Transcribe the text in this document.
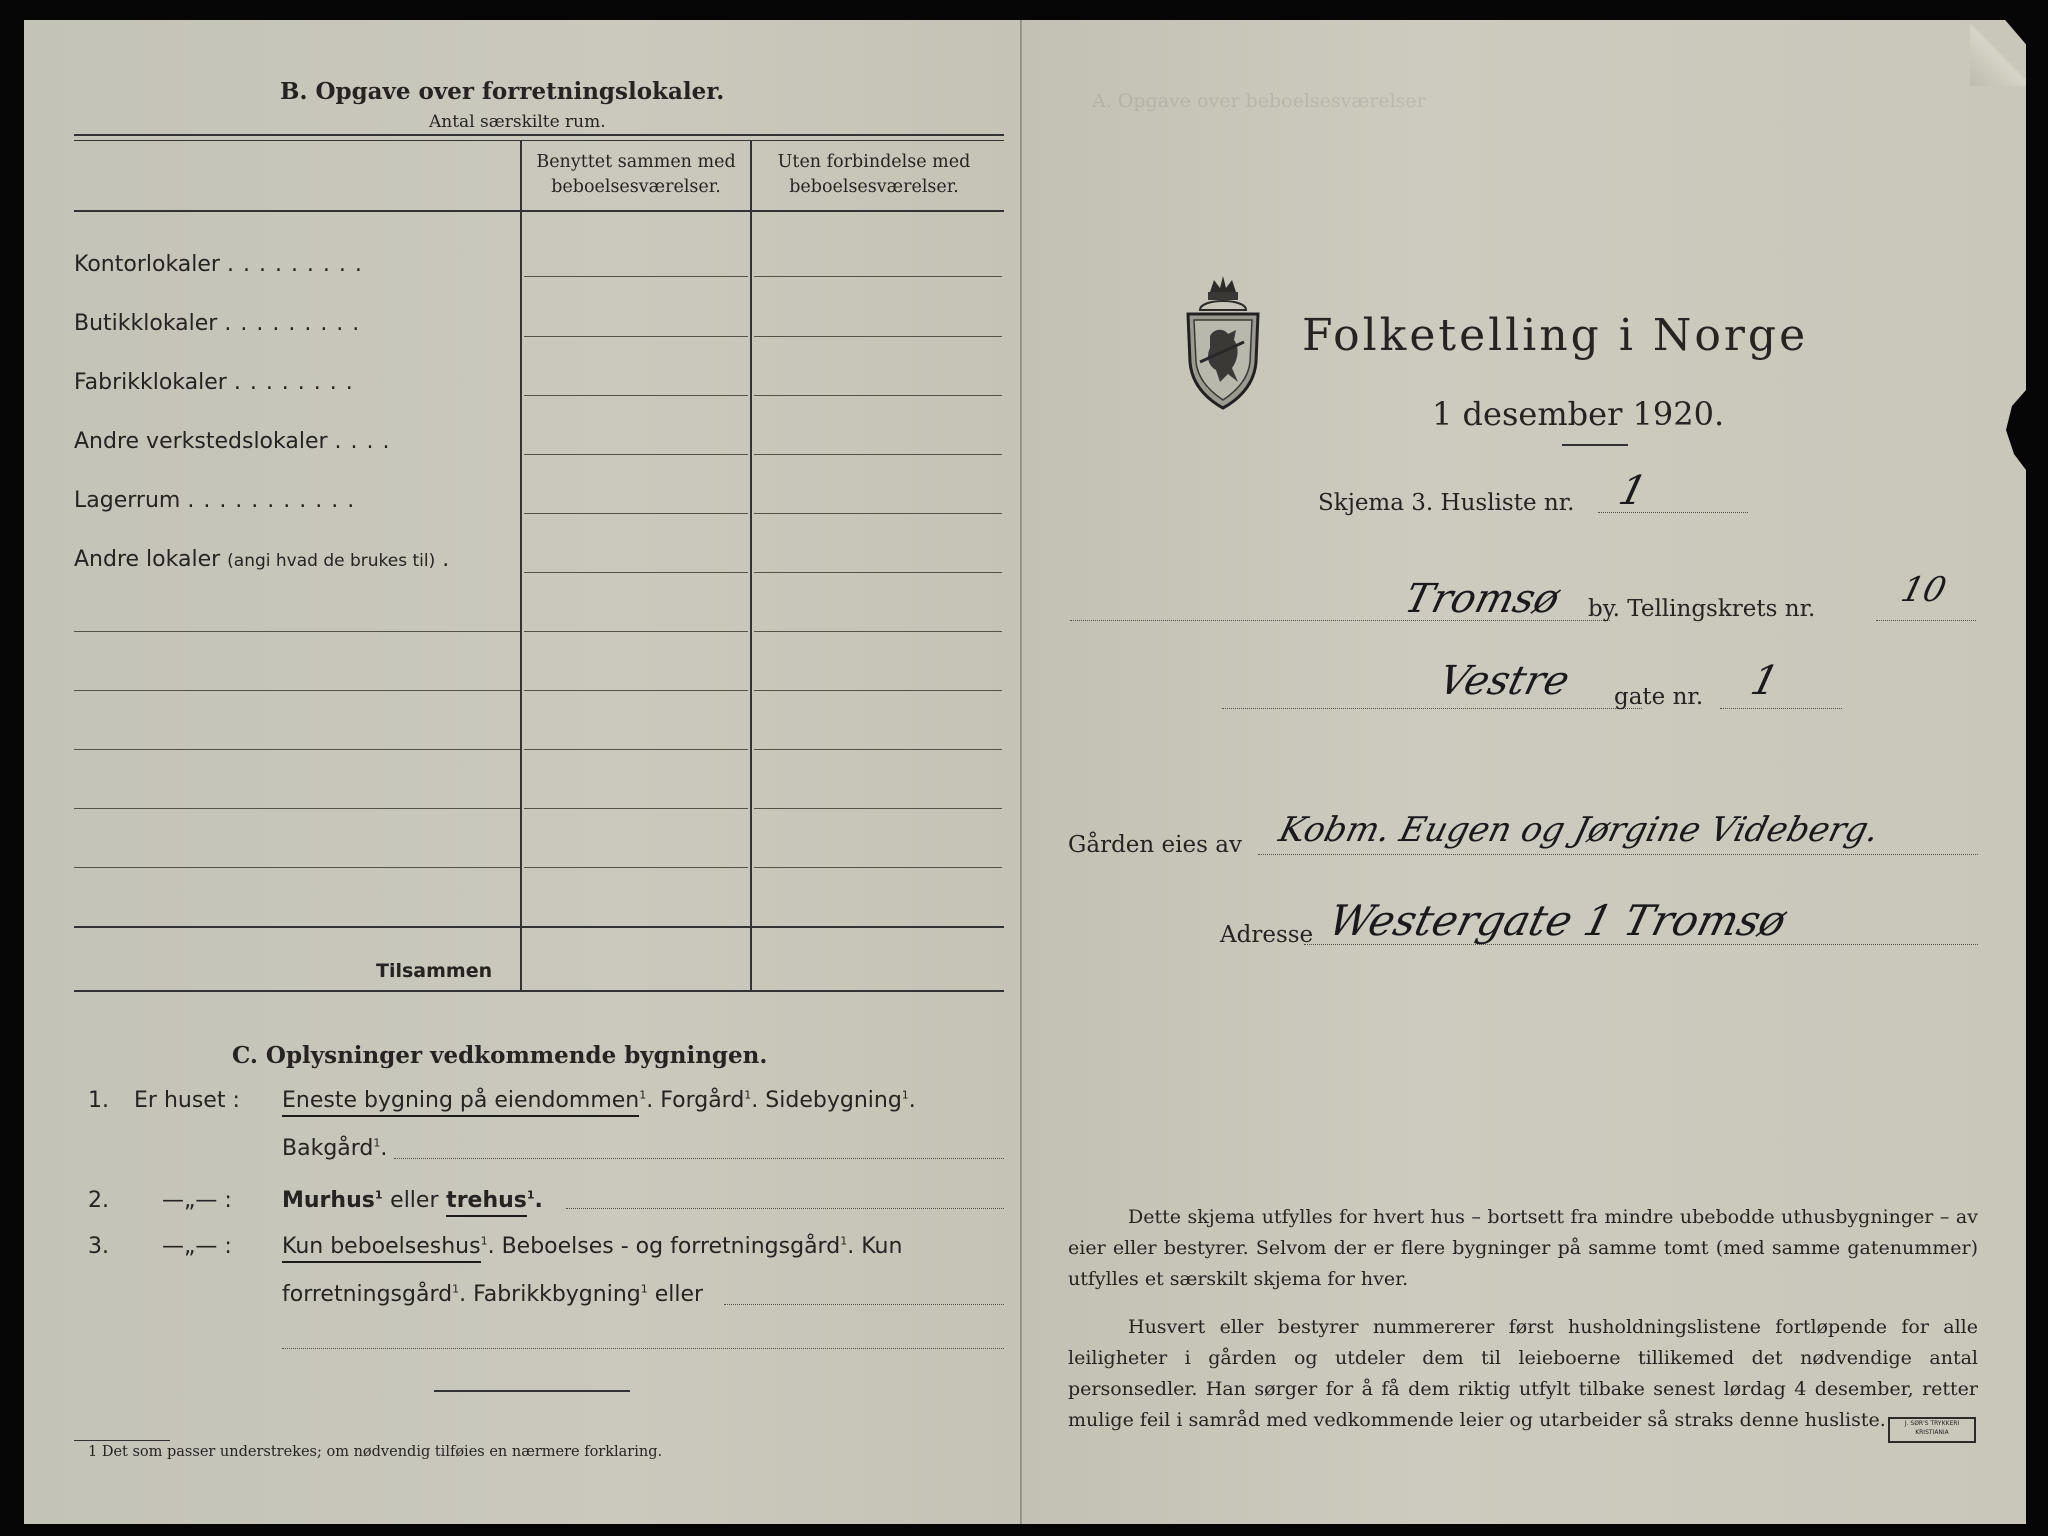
B. Opgave over forretningslokaler.
Antal særskilte rum.
Benyttet sammen med
beboelsesværelser.
Uten forbindelse med
beboelsesværelser.
Kontorlokaler .........
Butikklokaler .........
Fabrikklokaler ........
Andre verkstedslokaler ....
Lagerrum ...........
Andre lokaler (angi hvad de brukes til) .
Tilsammen
C. Oplysninger vedkommende bygningen.
1. Er huset : Eneste bygning på eiendommen$^1$. Forgård$^1$. Sidebygning$^1$.
Bakgård$^1$.
2. —„— : Murhus$^1$ eller trehus$^1$.
3. —„— : Kun beboelseshus$^1$. Beboelses - og forretningsgård$^1$. Kun
forretningsgård$^1$. Fabrikkbygning$^1$ eller
1 Det som passer understrekes; om nødvendig tilføies en nærmere forklaring.
A. Opgave over beboelsesværelser
Folketelling i Norge
1 desember 1920.
Skjema 3. Husliste nr. 1
Tromsø by. Tellingskrets nr. 10
Vestre gate nr. 1
Gården eies av Kobm. Eugen og Jørgine Videberg.
Adresse Westergate 1 Tromsø
Dette skjema utfylles for hvert hus – bortsett fra mindre ubebodde uthusbygninger – av eier eller bestyrer. Selvom der er flere bygninger på samme tomt (med samme gatenummer) utfylles et særskilt skjema for hver.
Husvert eller bestyrer nummererer først husholdningslistene fortløpende for alle leiligheter i gården og utdeler dem til leieboerne tillikemed det nødvendige antal personsedler. Han sørger for å få dem riktig utfylt tilbake senest lørdag 4 desember, retter mulige feil i samråd med vedkommende leier og utarbeider så straks denne husliste.	J. SØR'S TRYKKERI KRISTIANIA
